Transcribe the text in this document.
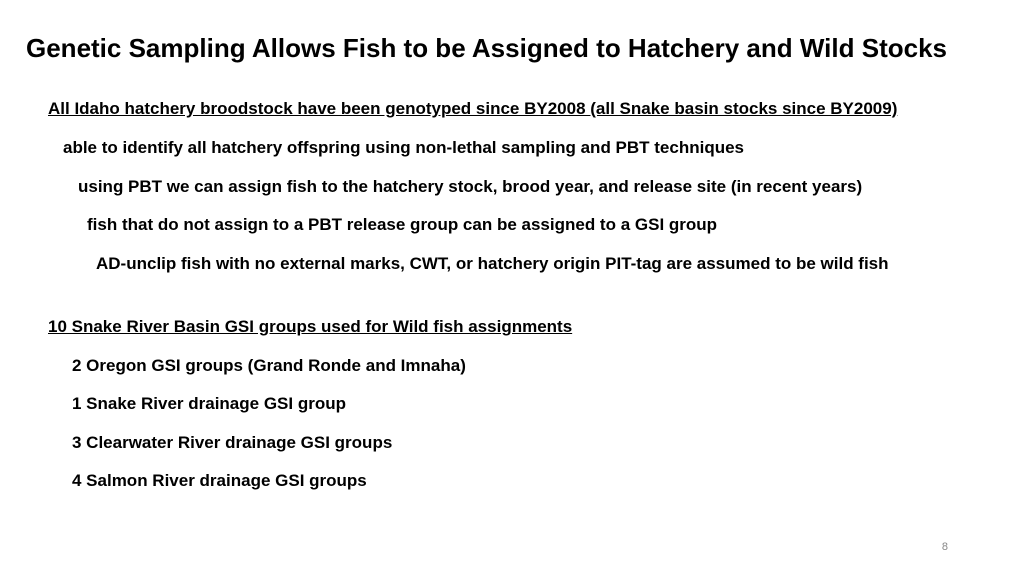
Genetic Sampling Allows Fish to be Assigned to Hatchery and Wild Stocks

All Idaho hatchery broodstock have been genotyped since BY2008 (all Snake basin stocks since BY2009)

able to identify all hatchery offspring using non-lethal sampling and PBT techniques

using PBT we can assign fish to the hatchery stock, brood year, and release site (in recent years)

fish that do not assign to a PBT release group can be assigned to a GSI group

AD-unclip fish with no external marks, CWT, or hatchery origin PIT-tag are assumed to be wild fish

10 Snake River Basin GSI groups used for Wild fish assignments

2 Oregon GSI groups (Grand Ronde and Imnaha)

1 Snake River drainage GSI group

3 Clearwater River drainage GSI groups

4 Salmon River drainage GSI groups

8
